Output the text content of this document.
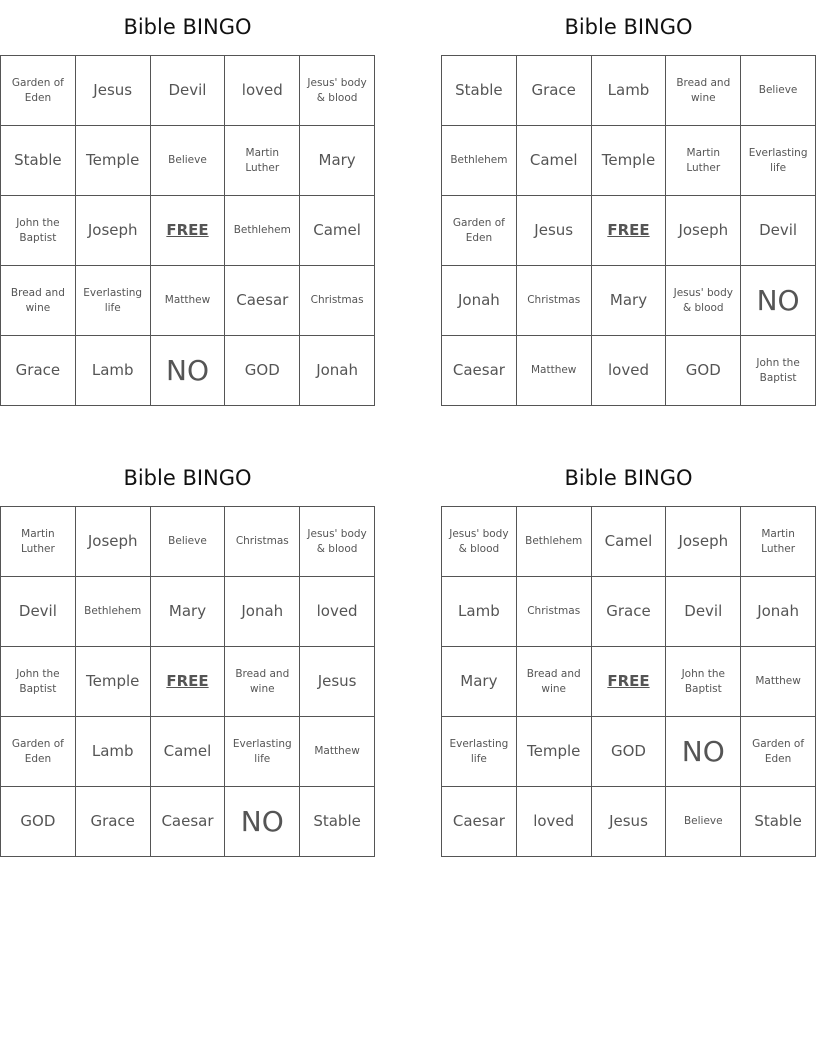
Bible BINGO
Garden of Eden	Jesus	Devil	loved	Jesus' body & blood
Stable	Temple	Believe	Martin Luther	Mary
John the Baptist	Joseph	FREE	Bethlehem	Camel
Bread and wine	Everlasting life	Matthew	Caesar	Christmas
Grace	Lamb	NO	GOD	Jonah
Bible BINGO
Stable	Grace	Lamb	Bread and wine	Believe
Bethlehem	Camel	Temple	Martin Luther	Everlasting life
Garden of Eden	Jesus	FREE	Joseph	Devil
Jonah	Christmas	Mary	Jesus' body & blood	NO
Caesar	Matthew	loved	GOD	John the Baptist
Bible BINGO
Martin Luther	Joseph	Believe	Christmas	Jesus' body & blood
Devil	Bethlehem	Mary	Jonah	loved
John the Baptist	Temple	FREE	Bread and wine	Jesus
Garden of Eden	Lamb	Camel	Everlasting life	Matthew
GOD	Grace	Caesar	NO	Stable
Bible BINGO
Jesus' body & blood	Bethlehem	Camel	Joseph	Martin Luther
Lamb	Christmas	Grace	Devil	Jonah
Mary	Bread and wine	FREE	John the Baptist	Matthew
Everlasting life	Temple	GOD	NO	Garden of Eden
Caesar	loved	Jesus	Believe	Stable
